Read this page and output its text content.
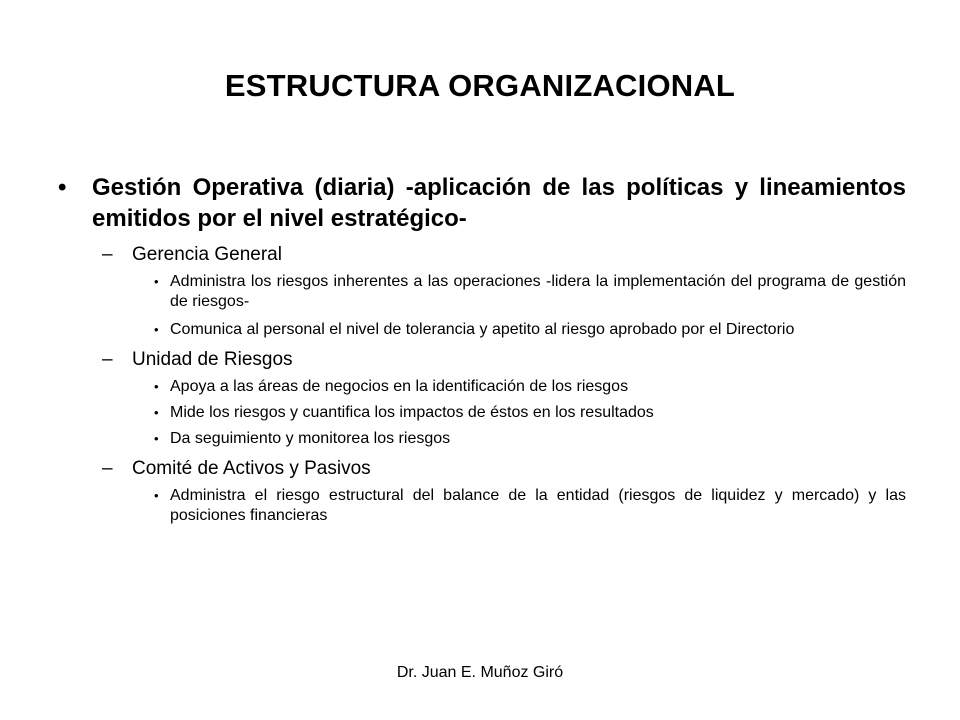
ESTRUCTURA ORGANIZACIONAL
•	Gestión Operativa (diaria) -aplicación de las políticas y lineamientos emitidos por el nivel estratégico-
–	Gerencia General
• Administra los riesgos inherentes a las operaciones -lidera la implementación del programa de gestión de riesgos-
• Comunica al personal el nivel de tolerancia y apetito al riesgo aprobado por el Directorio
–	Unidad de Riesgos
• Apoya a las áreas de negocios en la identificación de los riesgos
• Mide los riesgos y cuantifica los impactos de éstos en los resultados
• Da seguimiento y monitorea los riesgos
–	Comité de Activos y Pasivos
• Administra el riesgo estructural del balance de la entidad (riesgos de liquidez y mercado) y las posiciones financieras
Dr. Juan E. Muñoz Giró
